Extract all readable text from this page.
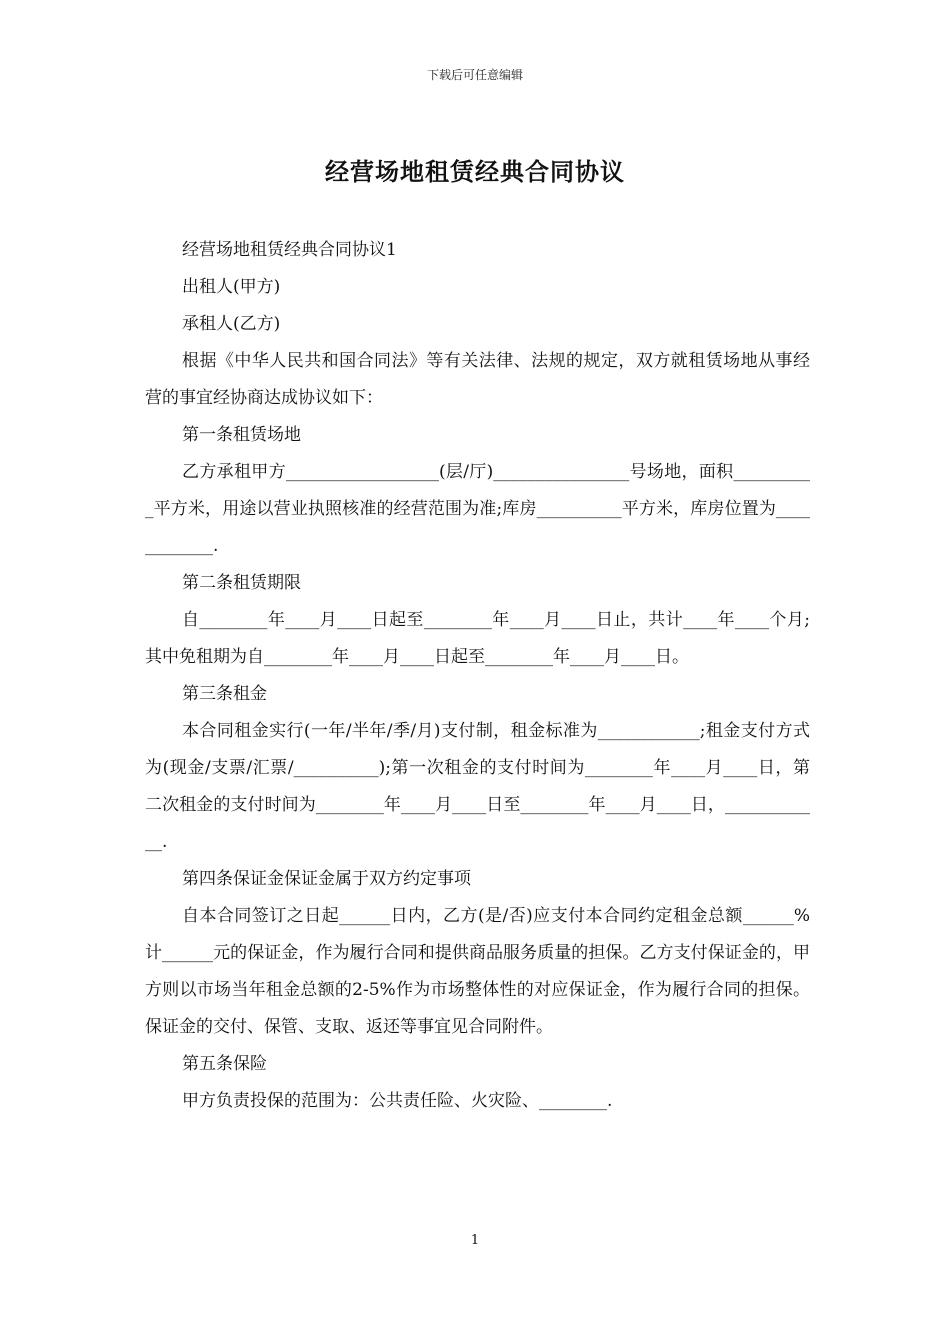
下载后可任意编辑
经营场地租赁经典合同协议

经营场地租赁经典合同协议1

出租人(甲方)

承租人(乙方)

根据《中华人民共和国合同法》等有关法律、法规的规定，双方就租赁场地从事经营的事宜经协商达成协议如下：

第一条租赁场地

乙方承租甲方__________________(层/厅)________________号场地，面积__________平方米，用途以营业执照核准的经营范围为准;库房__________平方米，库房位置为____________.

第二条租赁期限

自________年____月____日起至________年____月____日止，共计____年____个月;其中免租期为自________年____月____日起至________年____月____日。

第三条租金

本合同租金实行(一年/半年/季/月)支付制，租金标准为____________;租金支付方式为(现金/支票/汇票/__________);第一次租金的支付时间为________年____月____日，第二次租金的支付时间为________年____月____日至________年____月____日，____________.

第四条保证金保证金属于双方约定事项

自本合同签订之日起______日内，乙方(是/否)应支付本合同约定租金总额______%计______元的保证金，作为履行合同和提供商品服务质量的担保。乙方支付保证金的，甲方则以市场当年租金总额的2-5%作为市场整体性的对应保证金，作为履行合同的担保。保证金的交付、保管、支取、返还等事宜见合同附件。

第五条保险

甲方负责投保的范围为：公共责任险、火灾险、________.

1
